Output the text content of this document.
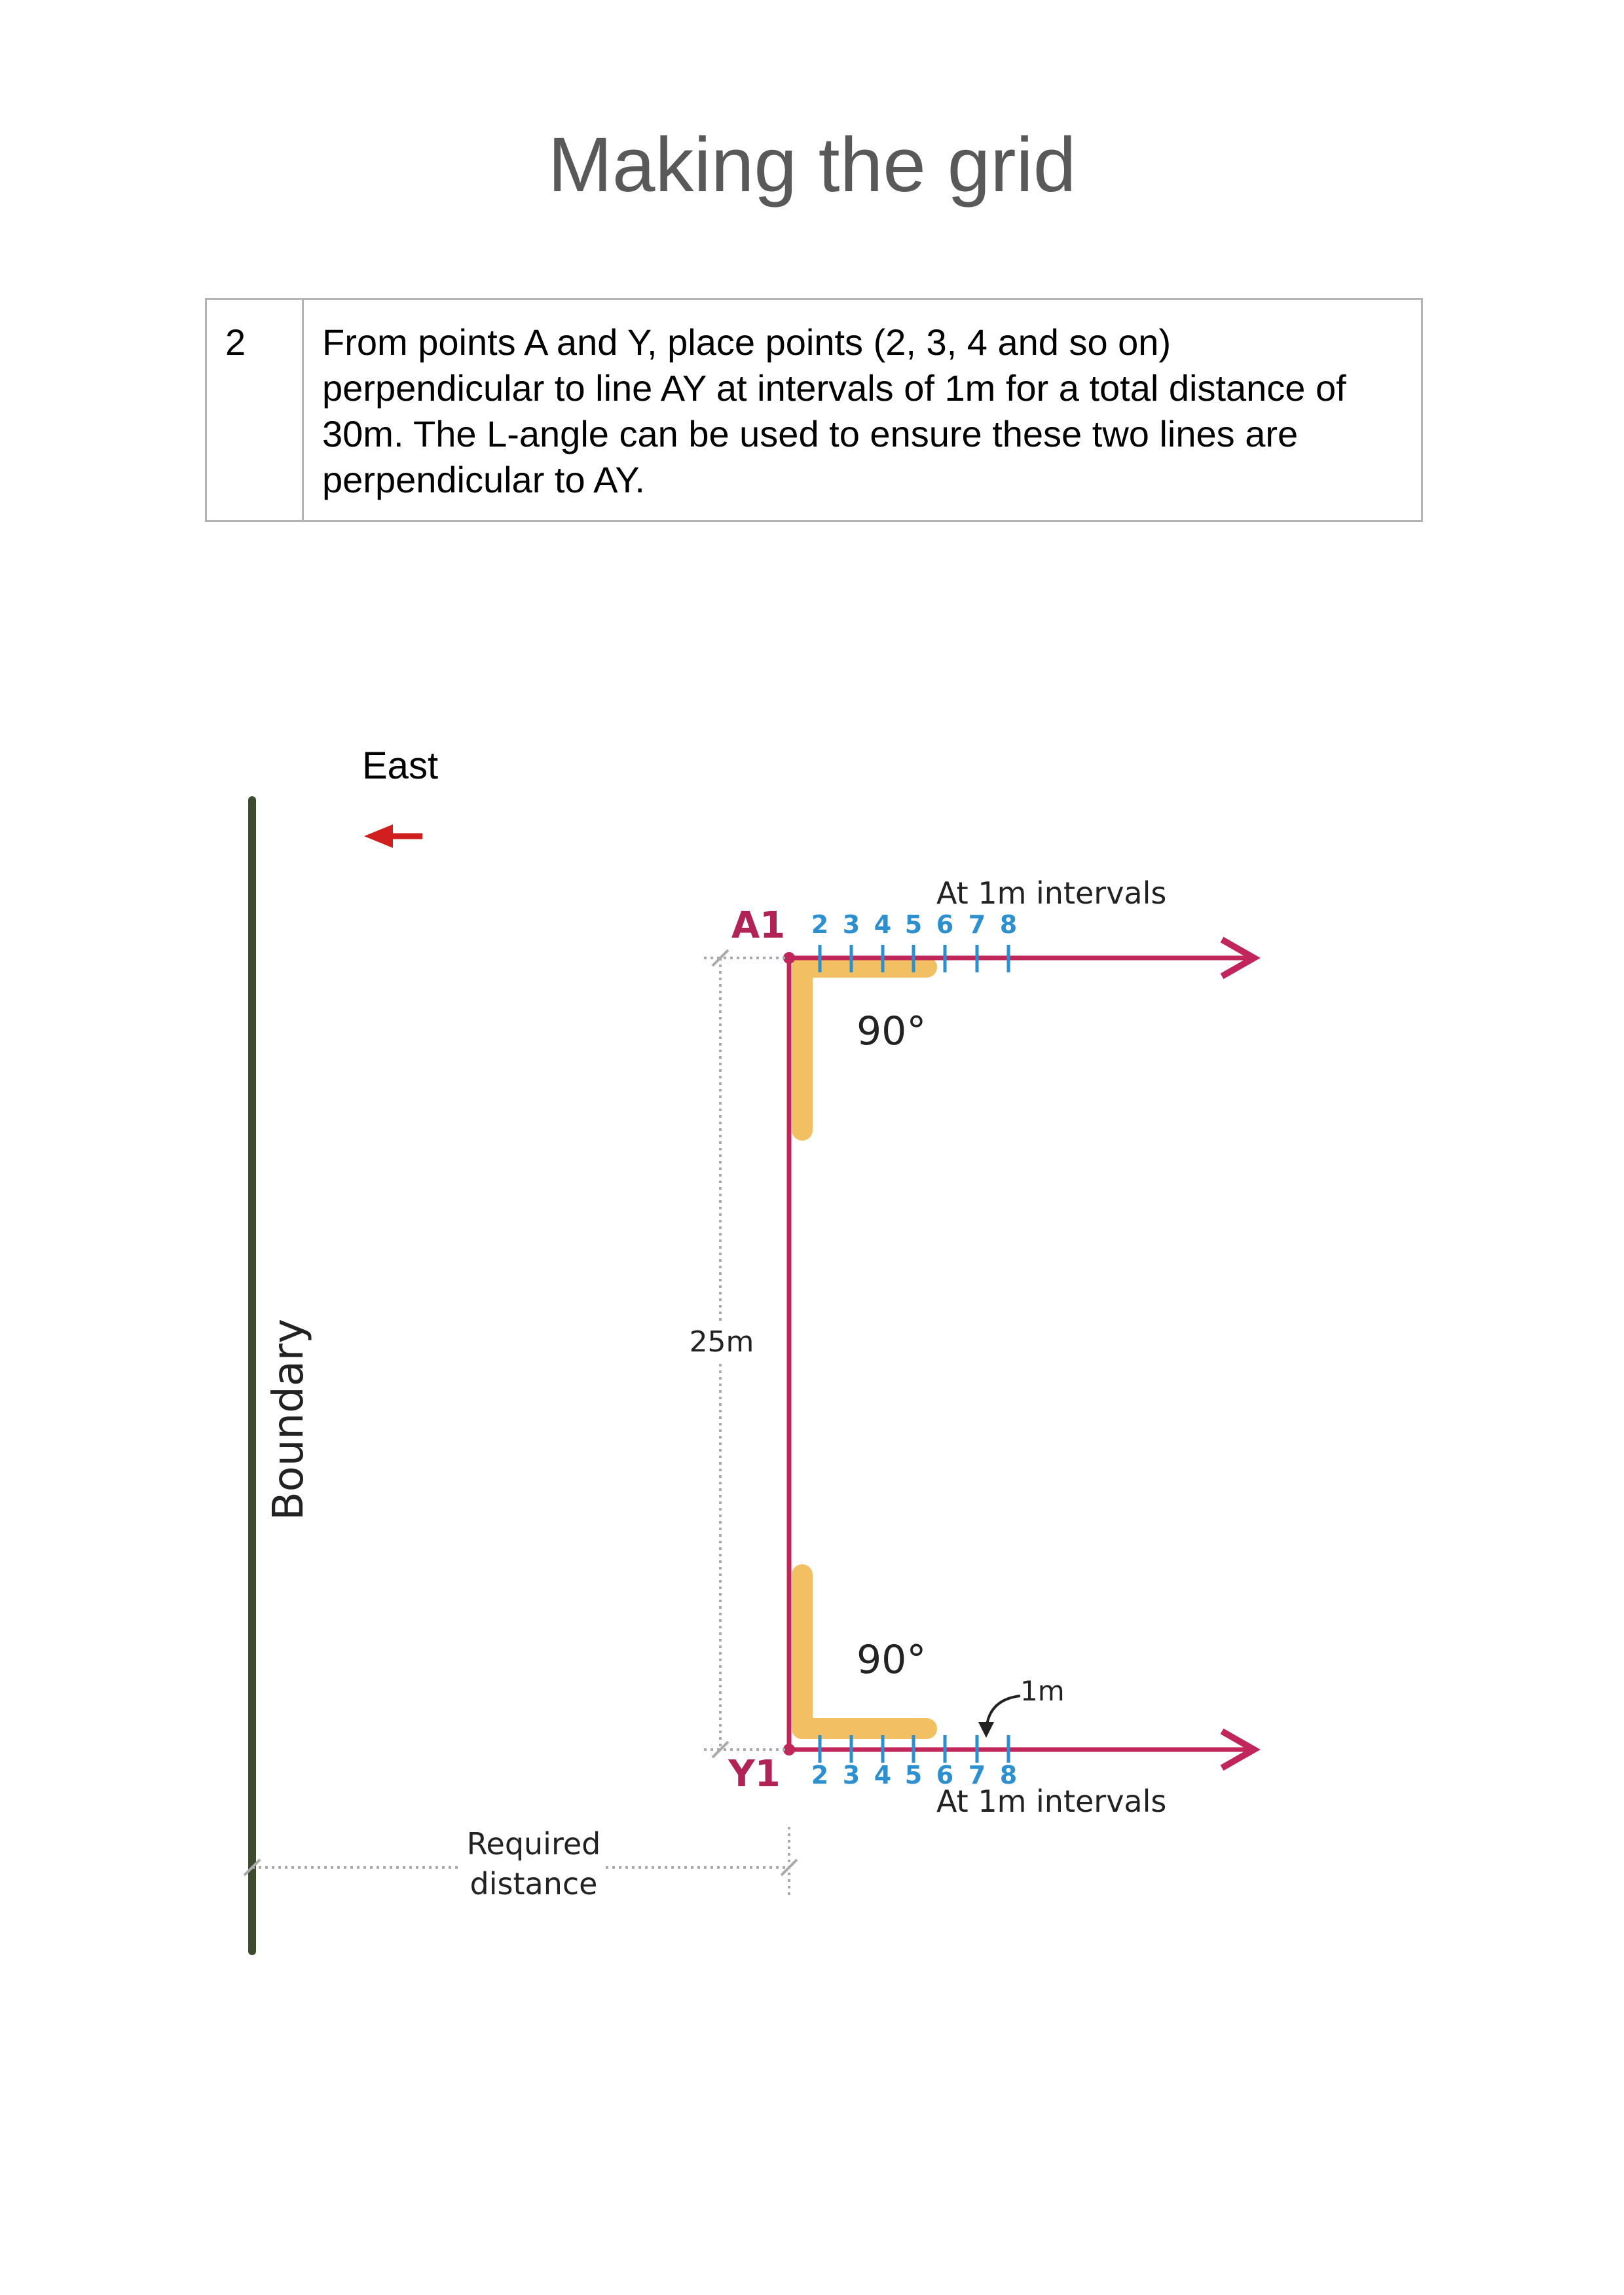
Making the grid
2	From points A and Y, place points (2, 3, 4 and so on) perpendicular to line AY at intervals of 1m for a total distance of 30m. The L-angle can be used to ensure these two lines are perpendicular to AY.
East
Boundary
2 3 4 5 6 7 8
2 3 4 5 6 7 8
A1
Y1
At 1m intervals
At 1m intervals
90°
90°
1m
25m
Required
distance
